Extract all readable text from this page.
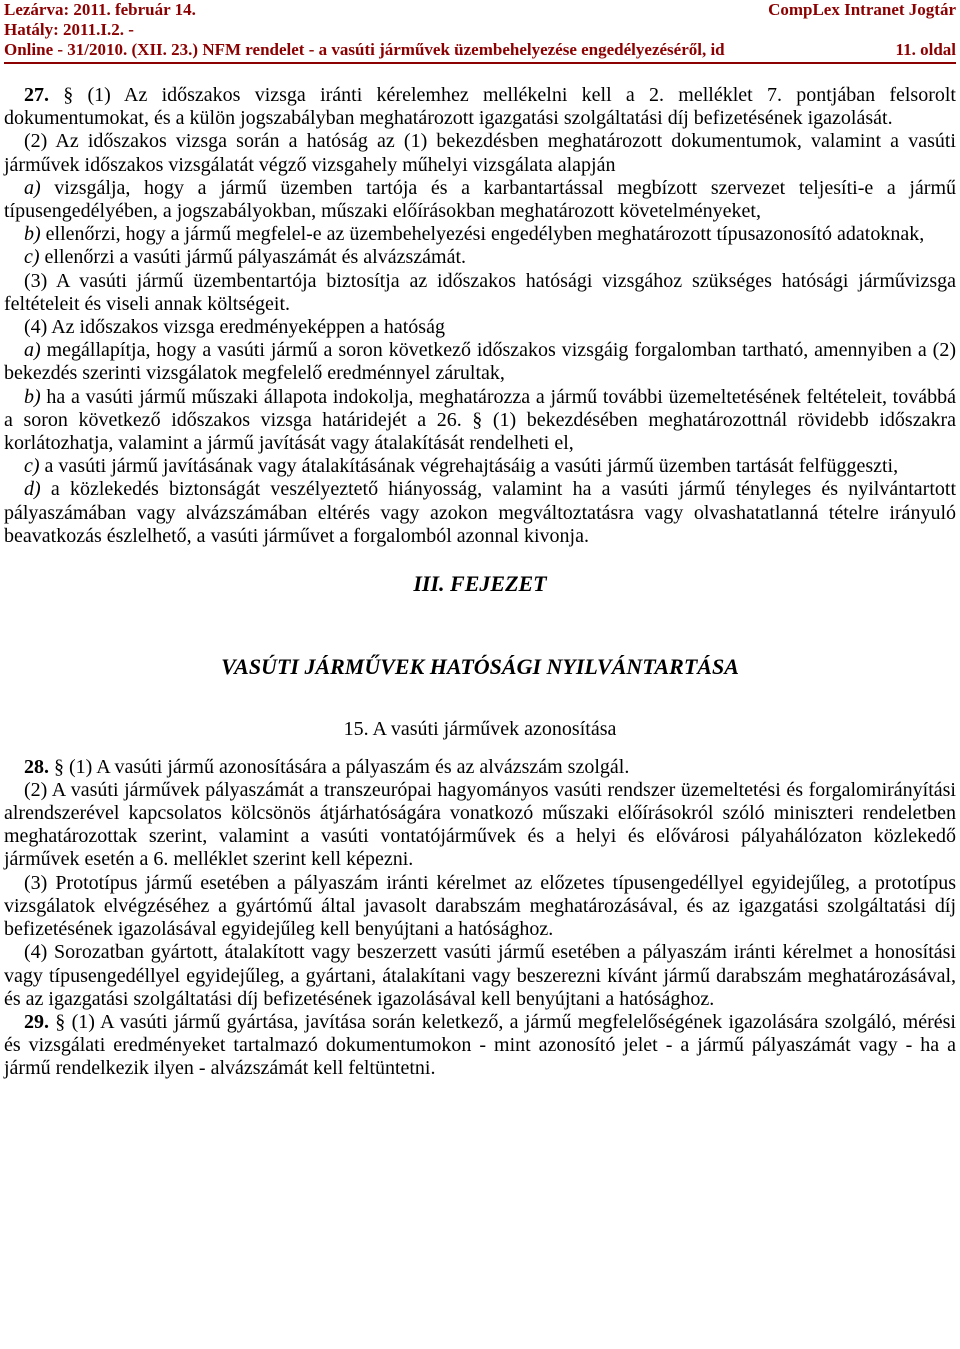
Lezárva: 2011. február 14.
Hatály: 2011.I.2. -
CompLex Intranet Jogtár
Online - 31/2010. (XII. 23.) NFM rendelet - a vasúti járművek üzembehelyezése engedélyezéséről, id	11. oldal

27. § (1) Az időszakos vizsga iránti kérelemhez mellékelni kell a 2. melléklet 7. pontjában felsorolt dokumentumokat, és a külön jogszabályban meghatározott igazgatási szolgáltatási díj befizetésének igazolását.

(2) Az időszakos vizsga során a hatóság az (1) bekezdésben meghatározott dokumentumok, valamint a vasúti járművek időszakos vizsgálatát végző vizsgahely műhelyi vizsgálata alapján

a) vizsgálja, hogy a jármű üzemben tartója és a karbantartással megbízott szervezet teljesíti-e a jármű típusengedélyében, a jogszabályokban, műszaki előírásokban meghatározott követelményeket,

b) ellenőrzi, hogy a jármű megfelel-e az üzembehelyezési engedélyben meghatározott típusazonosító adatoknak,

c) ellenőrzi a vasúti jármű pályaszámát és alvázszámát.

(3) A vasúti jármű üzembentartója biztosítja az időszakos hatósági vizsgához szükséges hatósági járművizsga feltételeit és viseli annak költségeit.

(4) Az időszakos vizsga eredményeképpen a hatóság

a) megállapítja, hogy a vasúti jármű a soron következő időszakos vizsgáig forgalomban tartható, amennyiben a (2) bekezdés szerinti vizsgálatok megfelelő eredménnyel zárultak,

b) ha a vasúti jármű műszaki állapota indokolja, meghatározza a jármű további üzemeltetésének feltételeit, továbbá a soron következő időszakos vizsga határidejét a 26. § (1) bekezdésében meghatározottnál rövidebb időszakra korlátozhatja, valamint a jármű javítását vagy átalakítását rendelheti el,

c) a vasúti jármű javításának vagy átalakításának végrehajtásáig a vasúti jármű üzemben tartását felfüggeszti,

d) a közlekedés biztonságát veszélyeztető hiányosság, valamint ha a vasúti jármű tényleges és nyilvántartott pályaszámában vagy alvázszámában eltérés vagy azokon megváltoztatásra vagy olvashatatlanná tételre irányuló beavatkozás észlelhető, a vasúti járművet a forgalomból azonnal kivonja.

III. FEJEZET

VASÚTI JÁRMŰVEK HATÓSÁGI NYILVÁNTARTÁSA

15. A vasúti járművek azonosítása

28. § (1) A vasúti jármű azonosítására a pályaszám és az alvázszám szolgál.

(2) A vasúti járművek pályaszámát a transzeurópai hagyományos vasúti rendszer üzemeltetési és forgalomirányítási alrendszerével kapcsolatos kölcsönös átjárhatóságára vonatkozó műszaki előírásokról szóló miniszteri rendeletben meghatározottak szerint, valamint a vasúti vontatójárművek és a helyi és elővárosi pályahálózaton közlekedő járművek esetén a 6. melléklet szerint kell képezni.

(3) Prototípus jármű esetében a pályaszám iránti kérelmet az előzetes típusengedéllyel egyidejűleg, a prototípus vizsgálatok elvégzéséhez a gyártómű által javasolt darabszám meghatározásával, és az igazgatási szolgáltatási díj befizetésének igazolásával egyidejűleg kell benyújtani a hatósághoz.

(4) Sorozatban gyártott, átalakított vagy beszerzett vasúti jármű esetében a pályaszám iránti kérelmet a honosítási vagy típusengedéllyel egyidejűleg, a gyártani, átalakítani vagy beszerezni kívánt jármű darabszám meghatározásával, és az igazgatási szolgáltatási díj befizetésének igazolásával kell benyújtani a hatósághoz.

29. § (1) A vasúti jármű gyártása, javítása során keletkező, a jármű megfelelőségének igazolására szolgáló, mérési és vizsgálati eredményeket tartalmazó dokumentumokon - mint azonosító jelet - a jármű pályaszámát vagy - ha a jármű rendelkezik ilyen - alvázszámát kell feltüntetni.
